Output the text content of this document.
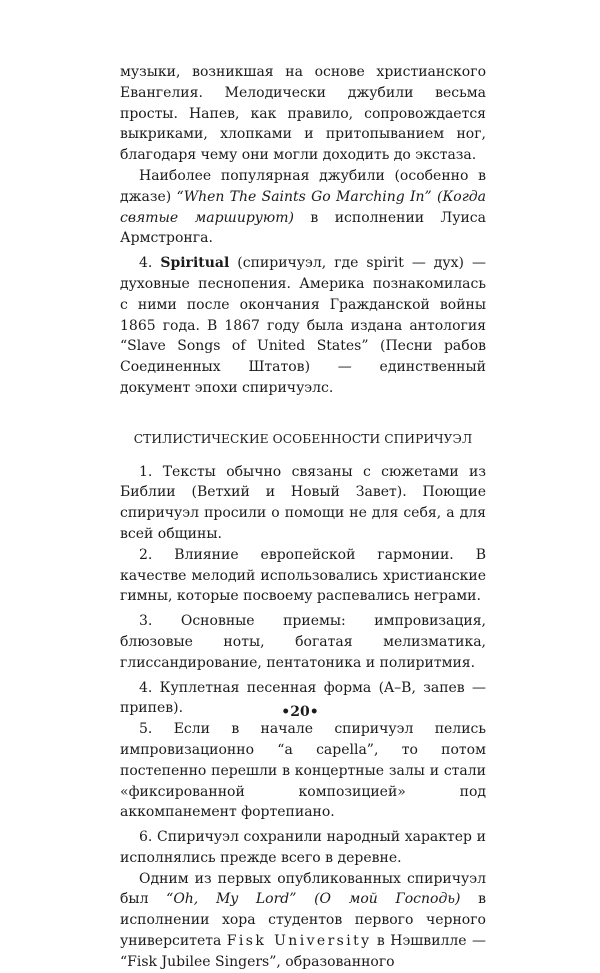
музыки, возникшая на основе христианского Евангелия. Мелодически джубили весьма просты. Напев, как правило, сопровождается выкриками, хлопками и притопыванием ног, благодаря чему они могли доходить до экстаза.

Наиболее популярная джубили (особенно в джазе) “When The Saints Go Marching In” (Когда святые маршируют) в исполнении Луиса Армстронга.

4. Spiritual (спиричуэл, где spirit — дух) — духовные песнопения. Америка познакомилась с ними после окончания Гражданской войны 1865 года. В 1867 году была издана антология “Slave Songs of United States” (Песни рабов Соединенных Штатов) — единственный документ эпохи спиричуэлс.

СТИЛИСТИЧЕСКИЕ ОСОБЕННОСТИ СПИРИЧУЭЛ

1. Тексты обычно связаны с сюжетами из Библии (Ветхий и Новый Завет). Поющие спиричуэл просили о помощи не для себя, а для всей общины.

2. Влияние европейской гармонии. В качестве мелодий использовались христианские гимны, которые посвоему распевались неграми.

3. Основные приемы: импровизация, блюзовые ноты, богатая мелизматика, глиссандирование, пентатоника и полиритмия.

4. Куплетная песенная форма (A–B, запев — припев).

5. Если в начале спиричуэл пелись импровизационно “a capella”, то потом постепенно перешли в концертные залы и стали «фиксированной композицией» под аккомпанемент фортепиано.

6. Спиричуэл сохранили народный характер и исполнялись прежде всего в деревне.

Одним из первых опубликованных спиричуэл был “Oh, My Lord” (О мой Господь) в исполнении хора студентов первого черного университета Fisk University в Нэшвилле — “Fisk Jubilee Singers”, образованного

•20•
